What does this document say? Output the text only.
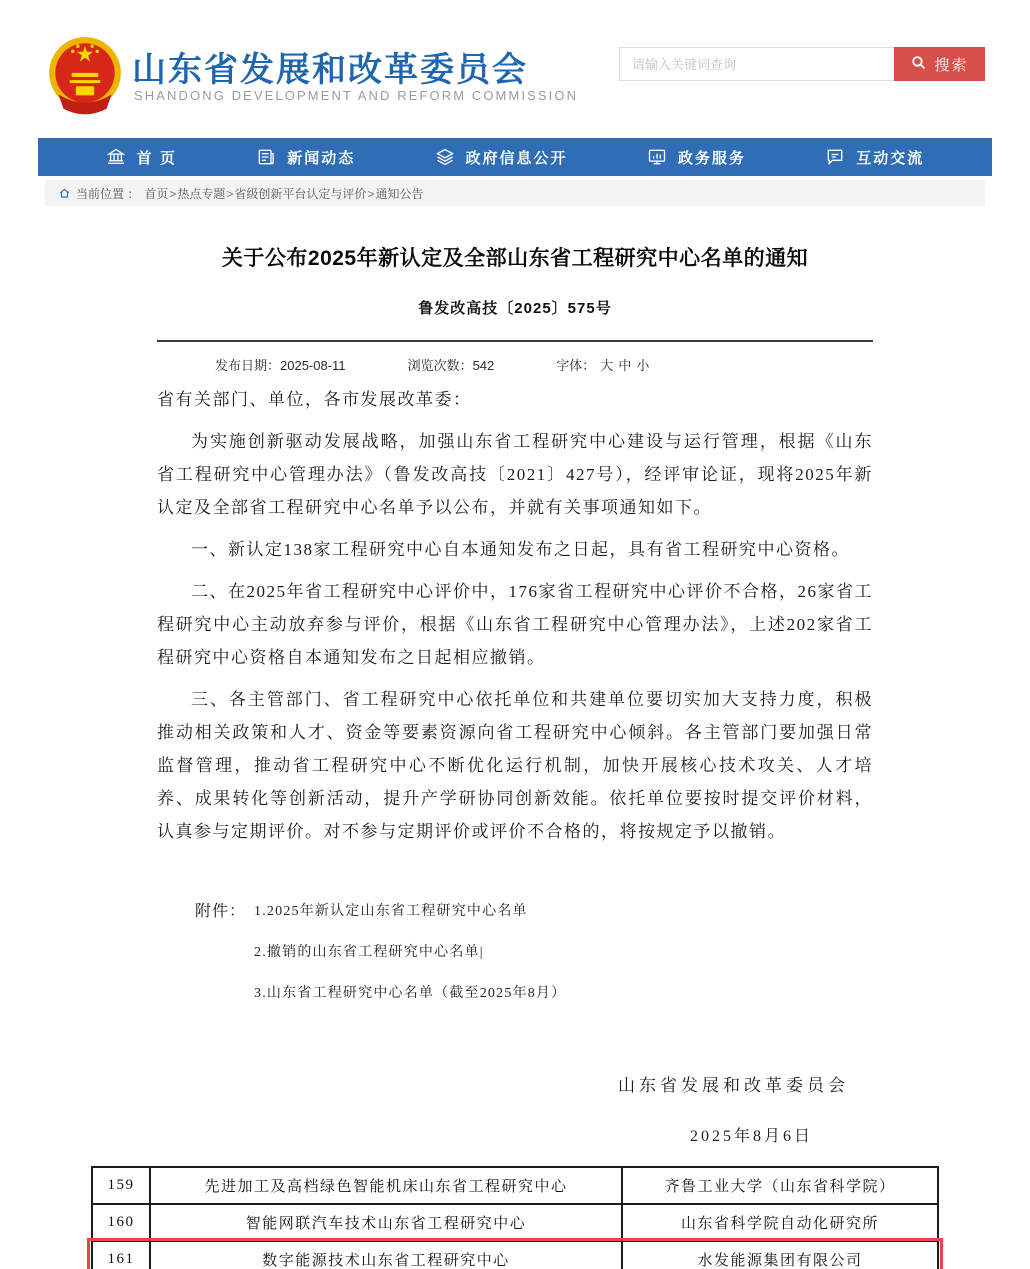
山东省发展和改革委员会
SHANDONG DEVELOPMENT AND REFORM COMMISSION
请输入关键词查询
搜索
首 页	新闻动态	政府信息公开	政务服务	互动交流
当前位置 ： 首页>热点专题>省级创新平台认定与评价>通知公告
关于公布2025年新认定及全部山东省工程研究中心名单的通知
鲁发改高技〔2025〕575号
发布日期：2025-08-11	浏览次数：542	字体： 大 中 小
省有关部门、单位，各市发展改革委：
为实施创新驱动发展战略，加强山东省工程研究中心建设与运行管理，根据《山东省工程研究中心管理办法》（鲁发改高技〔2021〕427号），经评审论证，现将2025年新认定及全部省工程研究中心名单予以公布，并就有关事项通知如下。
一、新认定138家工程研究中心自本通知发布之日起，具有省工程研究中心资格。
二、在2025年省工程研究中心评价中，176家省工程研究中心评价不合格，26家省工程研究中心主动放弃参与评价，根据《山东省工程研究中心管理办法》，上述202家省工程研究中心资格自本通知发布之日起相应撤销。
三、各主管部门、省工程研究中心依托单位和共建单位要切实加大支持力度，积极推动相关政策和人才、资金等要素资源向省工程研究中心倾斜。各主管部门要加强日常监督管理，推动省工程研究中心不断优化运行机制，加快开展核心技术攻关、人才培养、成果转化等创新活动，提升产学研协同创新效能。依托单位要按时提交评价材料，认真参与定期评价。对不参与定期评价或评价不合格的，将按规定予以撤销。
附件： 1.2025年新认定山东省工程研究中心名单
2.撤销的山东省工程研究中心名单|
3.山东省工程研究中心名单（截至2025年8月）
山东省发展和改革委员会
2025年8月6日
159	先进加工及高档绿色智能机床山东省工程研究中心	齐鲁工业大学（山东省科学院）
160	智能网联汽车技术山东省工程研究中心	山东省科学院自动化研究所
161	数字能源技术山东省工程研究中心	水发能源集团有限公司
